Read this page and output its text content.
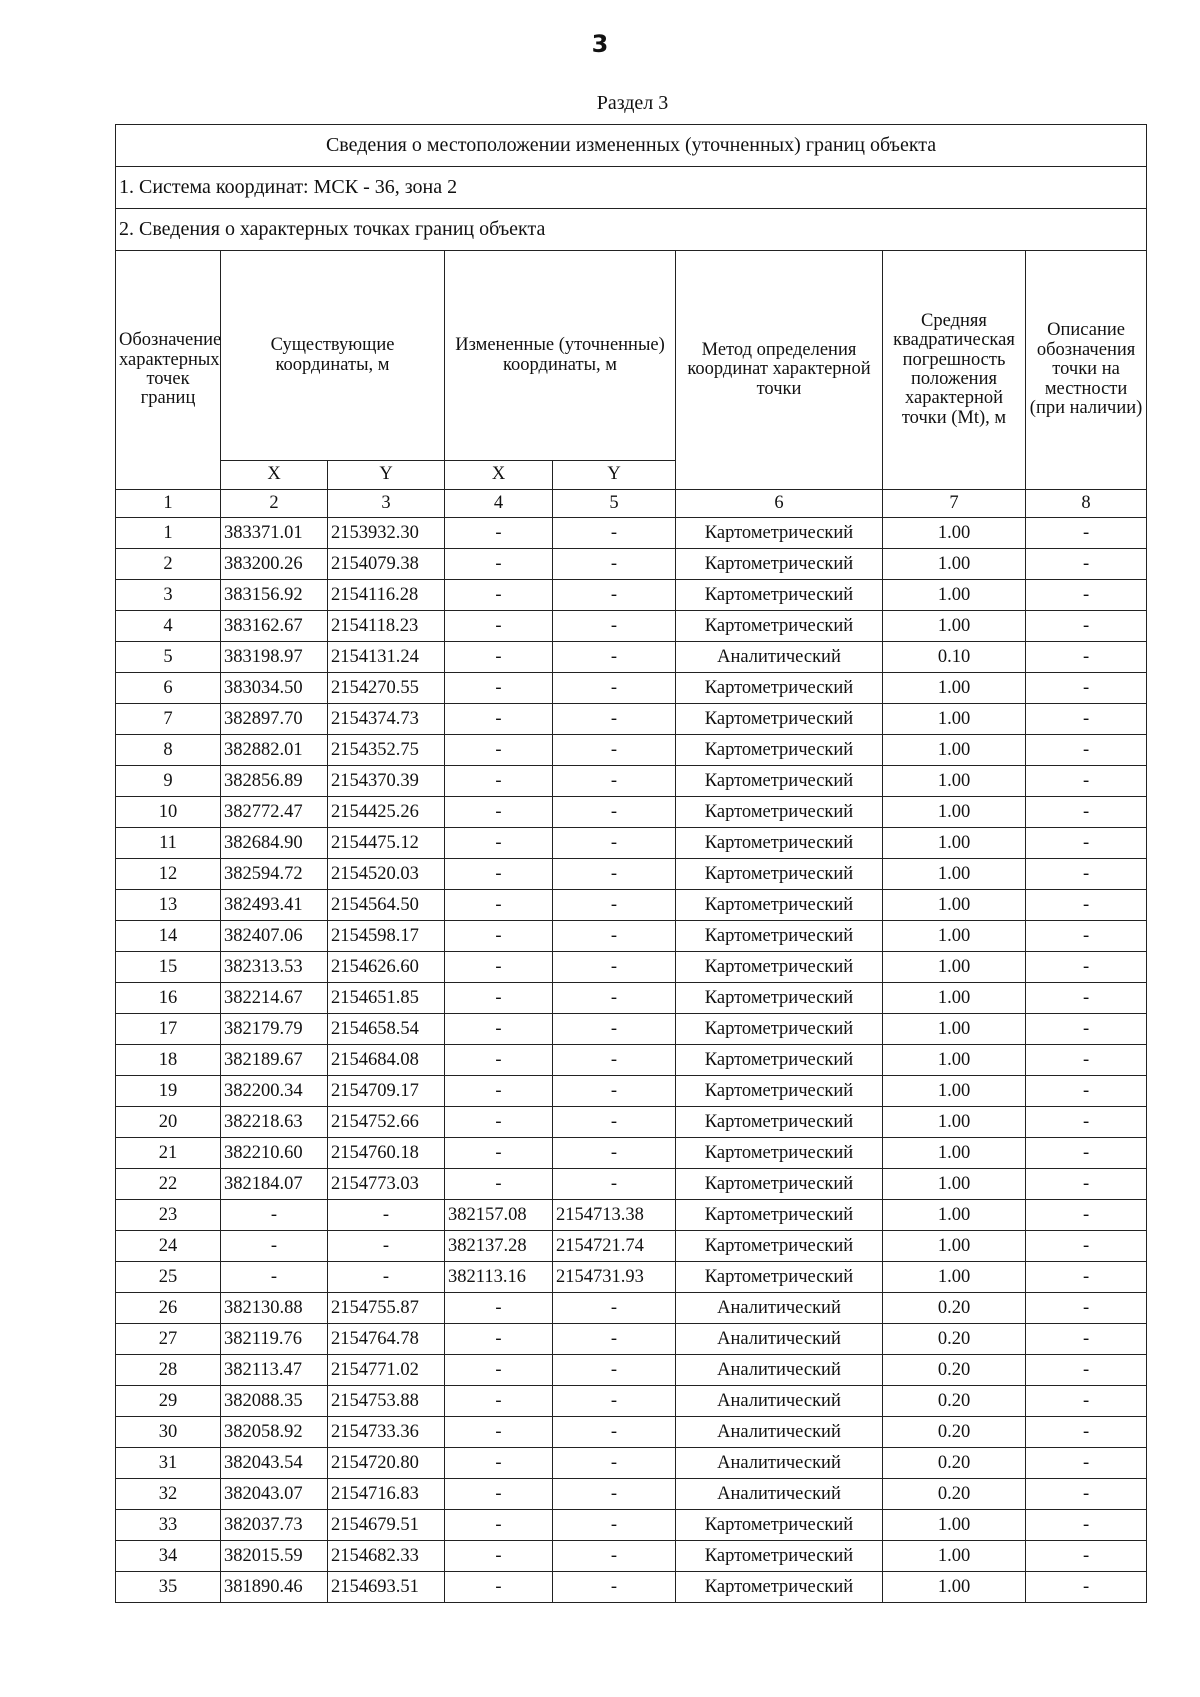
3
Раздел 3
Сведения о местоположении измененных (уточненных) границ объекта							
1. Система координат: МСК - 36, зона 2							
2. Сведения о характерных точках границ объекта							
Обозначение характерных точек границ	Существующие координаты, м		Измененные (уточненные) координаты, м		Метод определения координат характерной точки	Средняя квадратическая погрешность положения характерной точки (Mt), м	Описание обозначения точки на местности (при наличии)
	X	Y	X	Y			
1	2	3	4	5	6	7	8
1	383371.01	2153932.30	-	-	Картометрический	1.00	-
2	383200.26	2154079.38	-	-	Картометрический	1.00	-
3	383156.92	2154116.28	-	-	Картометрический	1.00	-
4	383162.67	2154118.23	-	-	Картометрический	1.00	-
5	383198.97	2154131.24	-	-	Аналитический	0.10	-
6	383034.50	2154270.55	-	-	Картометрический	1.00	-
7	382897.70	2154374.73	-	-	Картометрический	1.00	-
8	382882.01	2154352.75	-	-	Картометрический	1.00	-
9	382856.89	2154370.39	-	-	Картометрический	1.00	-
10	382772.47	2154425.26	-	-	Картометрический	1.00	-
11	382684.90	2154475.12	-	-	Картометрический	1.00	-
12	382594.72	2154520.03	-	-	Картометрический	1.00	-
13	382493.41	2154564.50	-	-	Картометрический	1.00	-
14	382407.06	2154598.17	-	-	Картометрический	1.00	-
15	382313.53	2154626.60	-	-	Картометрический	1.00	-
16	382214.67	2154651.85	-	-	Картометрический	1.00	-
17	382179.79	2154658.54	-	-	Картометрический	1.00	-
18	382189.67	2154684.08	-	-	Картометрический	1.00	-
19	382200.34	2154709.17	-	-	Картометрический	1.00	-
20	382218.63	2154752.66	-	-	Картометрический	1.00	-
21	382210.60	2154760.18	-	-	Картометрический	1.00	-
22	382184.07	2154773.03	-	-	Картометрический	1.00	-
23	-	-	382157.08	2154713.38	Картометрический	1.00	-
24	-	-	382137.28	2154721.74	Картометрический	1.00	-
25	-	-	382113.16	2154731.93	Картометрический	1.00	-
26	382130.88	2154755.87	-	-	Аналитический	0.20	-
27	382119.76	2154764.78	-	-	Аналитический	0.20	-
28	382113.47	2154771.02	-	-	Аналитический	0.20	-
29	382088.35	2154753.88	-	-	Аналитический	0.20	-
30	382058.92	2154733.36	-	-	Аналитический	0.20	-
31	382043.54	2154720.80	-	-	Аналитический	0.20	-
32	382043.07	2154716.83	-	-	Аналитический	0.20	-
33	382037.73	2154679.51	-	-	Картометрический	1.00	-
34	382015.59	2154682.33	-	-	Картометрический	1.00	-
35	381890.46	2154693.51	-	-	Картометрический	1.00	-
